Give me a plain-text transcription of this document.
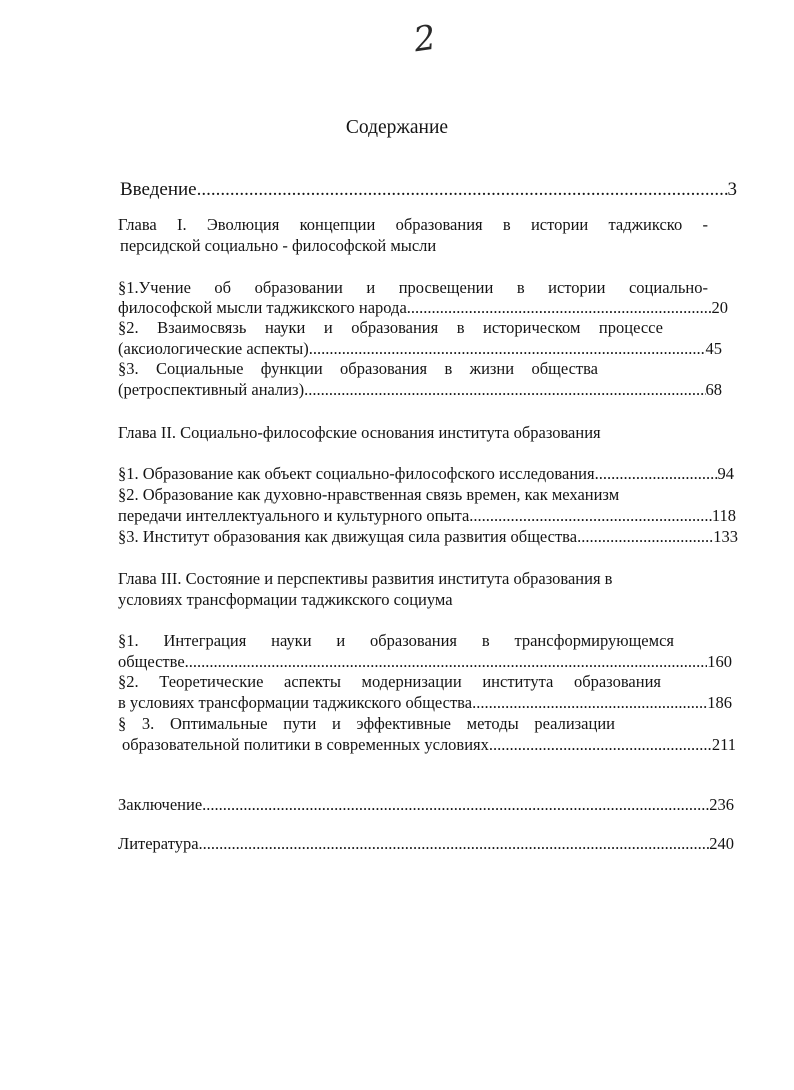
2
Содержание
Введение .....	3
Глава I. Эволюция концепции образования в истории таджикско -
персидской социально - философской мысли
§1.Учение об образовании и просвещении в истории социально-
философской мысли таджикского народа .....	20
§2. Взаимосвязь науки и образования в историческом процессе
(аксиологические аспекты) .....	45
§3. Социальные функции образования в жизни общества
(ретроспективный анализ). .....	68
Глава II. Социально-философские основания института образования
§1. Образование как объект социально-философского исследования .....	94
§2. Образование как духовно-нравственная связь времен, как механизм
передачи интеллектуального и культурного опыта .....	118
§3. Институт образования как движущая сила развития общества .....	133
Глава III. Состояние и перспективы развития института образования в
условиях трансформации таджикского социума
§1. Интеграция науки и образования в трансформирующемся
обществе .....	160
§2. Теоретические аспекты модернизации института образования
в условиях трансформации таджикского общества. .....	186
§ 3. Оптимальные пути и эффективные методы реализации
образовательной политики в современных условиях .....	211
Заключение .....	236
Литература .....	240
